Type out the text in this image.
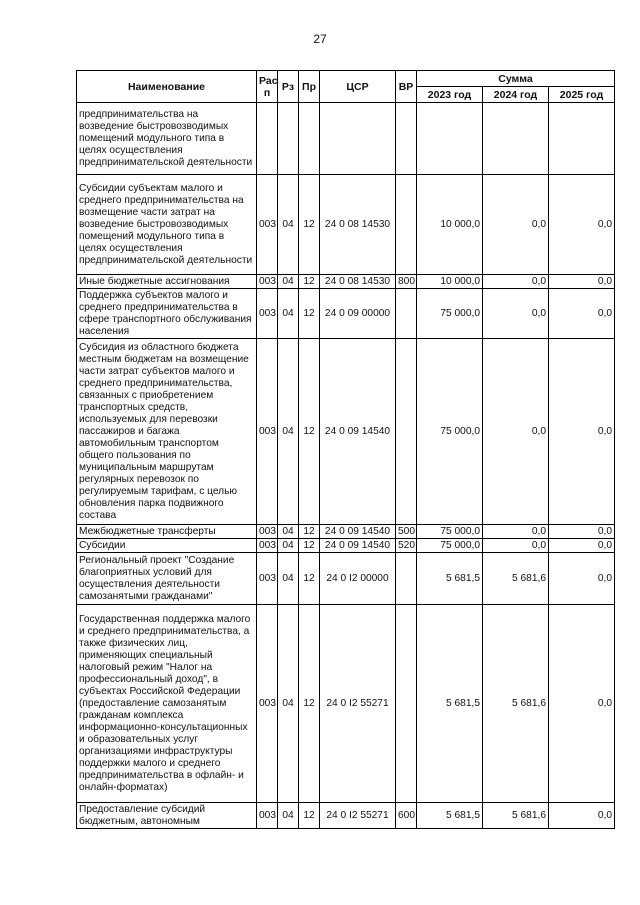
27
Наименование	Рас п	Рз	Пр	ЦСР	ВР	Сумма		
						2023 год	2024 год	2025 год
предпринимательства на возведение быстровозводимых помещений модульного типа в целях осуществления предпринимательской деятельности								
Субсидии субъектам малого и среднего предпринимательства на возмещение части затрат на возведение быстровозводимых помещений модульного типа в целях осуществления предпринимательской деятельности	003	04	12	24 0 08 14530		10 000,0	0,0	0,0
Иные бюджетные ассигнования	003	04	12	24 0 08 14530	800	10 000,0	0,0	0,0
Поддержка субъектов малого и среднего предпринимательства в сфере транспортного обслуживания населения	003	04	12	24 0 09 00000		75 000,0	0,0	0,0
Субсидия из областного бюджета местным бюджетам на возмещение части затрат субъектов малого и среднего предпринимательства, связанных с приобретением транспортных средств, используемых для перевозки пассажиров и багажа автомобильным транспортом общего пользования по муниципальным маршрутам регулярных перевозок по регулируемым тарифам, с целью обновления парка подвижного состава	003	04	12	24 0 09 14540		75 000,0	0,0	0,0
Межбюджетные трансферты	003	04	12	24 0 09 14540	500	75 000,0	0,0	0,0
Субсидии	003	04	12	24 0 09 14540	520	75 000,0	0,0	0,0
Региональный проект "Создание благоприятных условий для осуществления деятельности самозанятыми гражданами"	003	04	12	24 0 I2 00000		5 681,5	5 681,6	0,0
Государственная поддержка малого и среднего предпринимательства, а также физических лиц, применяющих специальный налоговый режим "Налог на профессиональный доход", в субъектах Российской Федерации (предоставление самозанятым гражданам комплекса информационно-консультационных и образовательных услуг организациями инфраструктуры поддержки малого и среднего предпринимательства в офлайн- и онлайн-форматах)	003	04	12	24 0 I2 55271		5 681,5	5 681,6	0,0
Предоставление субсидий бюджетным, автономным	003	04	12	24 0 I2 55271	600	5 681,5	5 681,6	0,0
